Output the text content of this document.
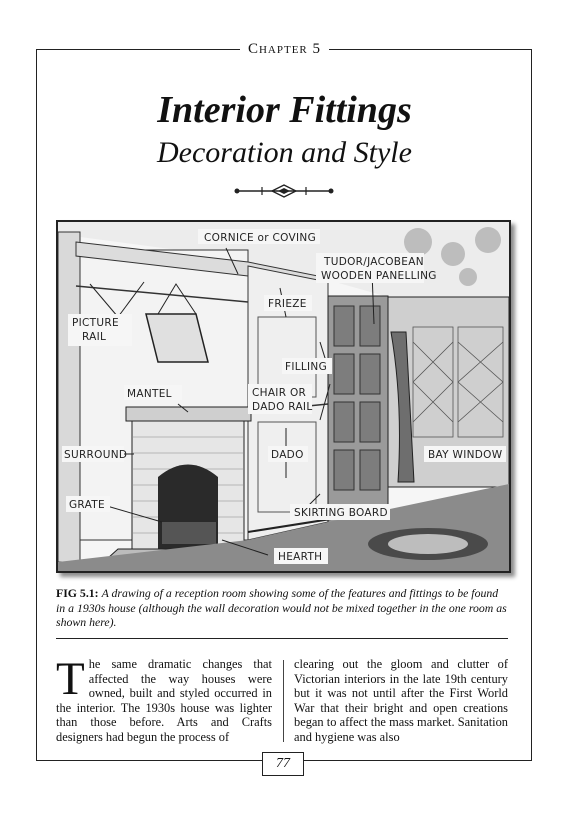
Chapter 5
Interior Fittings
Decoration and Style
CORNICE or COVING
TUDOR/JACOBEAN
WOODEN PANELLING
FRIEZE
PICTURE
RAIL
FILLING
MANTEL	CHAIR OR
DADO RAIL
SURROUND	DADO	BAY WINDOW
GRATE
SKIRTING BOARD
HEARTH
FIG 5.1: A drawing of a reception room showing some of the features and fittings to be found in a 1930s house (although the wall decoration would not be mixed together in the one room as shown here).
T he same dramatic changes that affected the way houses were owned, built and styled occurred in the interior. The 1930s house was lighter than those before. Arts and Crafts designers had begun the process of
clearing out the gloom and clutter of Victorian interiors in the late 19th century but it was not until after the First World War that their bright and open creations began to affect the mass market. Sanitation and hygiene was also
77
